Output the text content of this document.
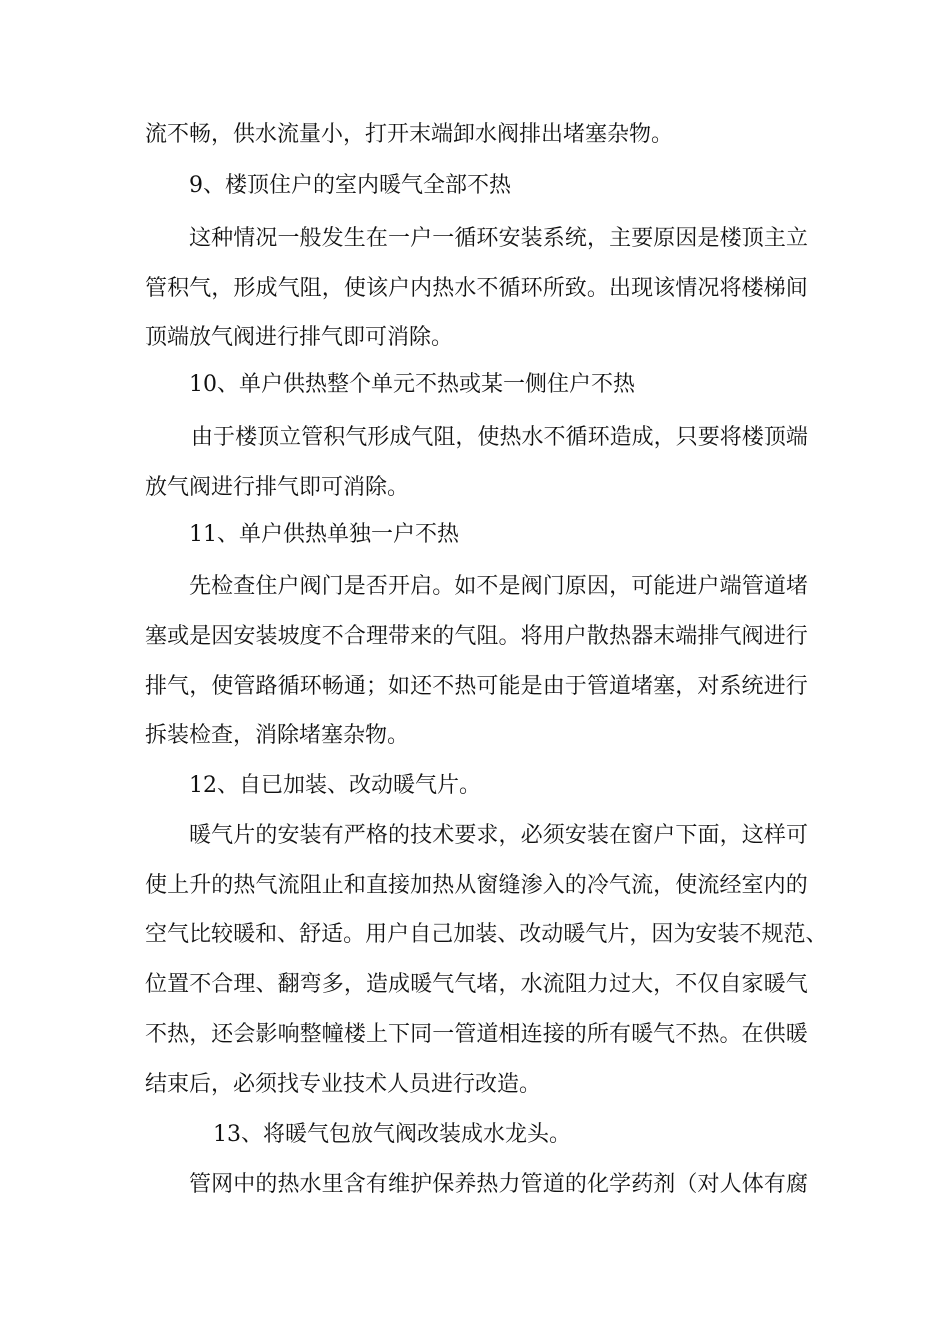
流不畅，供水流量小，打开末端卸水阀排出堵塞杂物。
9、楼顶住户的室内暖气全部不热
这 种 情 况 一 般 发 生 在 一 户 一 循 环 安 装 系 统 ， 主 要 原 因 是 楼 顶 主 立
管 积 气 ， 形 成 气 阻 ， 使 该 户 内 热 水 不 循 环 所 致 。 出 现 该 情 况 将 楼 梯 间
顶端放气阀进行排气即可消除。
10、单户供热整个单元不热或某一侧住户不热
由 于 楼 顶 立 管 积 气 形 成 气 阻 ， 使 热 水 不 循 环 造 成 ， 只 要 将 楼 顶 端
放气阀进行排气即可消除。
11、单户供热单独一户不热
先 检 查 住 户 阀 门 是 否 开 启 。 如 不 是 阀 门 原 因 ， 可 能 进 户 端 管 道 堵
塞 或 是 因 安 装 坡 度 不 合 理 带 来 的 气 阻 。 将 用 户 散 热 器 末 端 排 气 阀 进 行
排 气 ， 使 管 路 循 环 畅 通 ； 如 还 不 热 可 能 是 由 于 管 道 堵 塞 ， 对 系 统 进 行
拆装检查，消除堵塞杂物。
12、自已加装、改动暖气片。
暖 气 片 的 安 装 有 严 格 的 技 术 要 求 ， 必 须 安 装 在 窗 户 下 面 ， 这 样 可
使 上 升 的 热 气 流 阻 止 和 直 接 加 热 从 窗 缝 渗 入 的 冷 气 流 ， 使 流 经 室 内 的
空 气 比 较 暖 和 、 舒 适 。 用 户 自 己 加 装 、 改 动 暖 气 片 ， 因 为 安 装 不 规 范 、
位 置 不 合 理 、 翻 弯 多 ， 造 成 暖 气 气 堵 ， 水 流 阻 力 过 大 ， 不 仅 自 家 暖 气
不 热 ， 还 会 影 响 整 幢 楼 上 下 同 一 管 道 相 连 接 的 所 有 暖 气 不 热 。 在 供 暖
结束后，必须找专业技术人员进行改造。
13、将暖气包放气阀改装成水龙头。
管 网 中 的 热 水 里 含 有 维 护 保 养 热 力 管 道 的 化 学 药 剂 （ 对 人 体 有 腐
